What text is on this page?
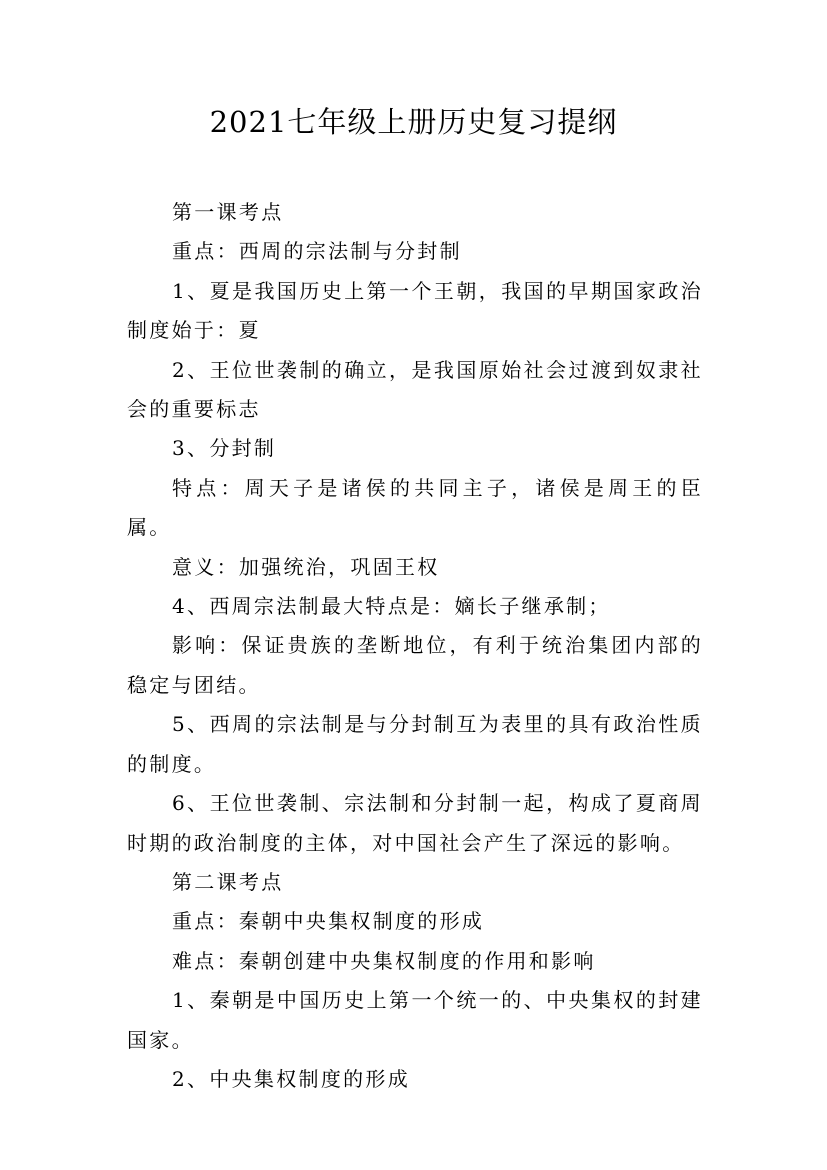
2021七年级上册历史复习提纲

第一课考点

重点：西周的宗法制与分封制

1、夏是我国历史上第一个王朝，我国的早期国家政治制度始于：夏

2、王位世袭制的确立，是我国原始社会过渡到奴隶社会的重要标志

3、分封制

特点：周天子是诸侯的共同主子，诸侯是周王的臣属。

意义：加强统治，巩固王权

4、西周宗法制最大特点是：嫡长子继承制；

影响：保证贵族的垄断地位，有利于统治集团内部的稳定与团结。

5、西周的宗法制是与分封制互为表里的具有政治性质的制度。

6、王位世袭制、宗法制和分封制一起，构成了夏商周时期的政治制度的主体，对中国社会产生了深远的影响。

第二课考点

重点：秦朝中央集权制度的形成

难点：秦朝创建中央集权制度的作用和影响

1、秦朝是中国历史上第一个统一的、中央集权的封建国家。

2、中央集权制度的形成
